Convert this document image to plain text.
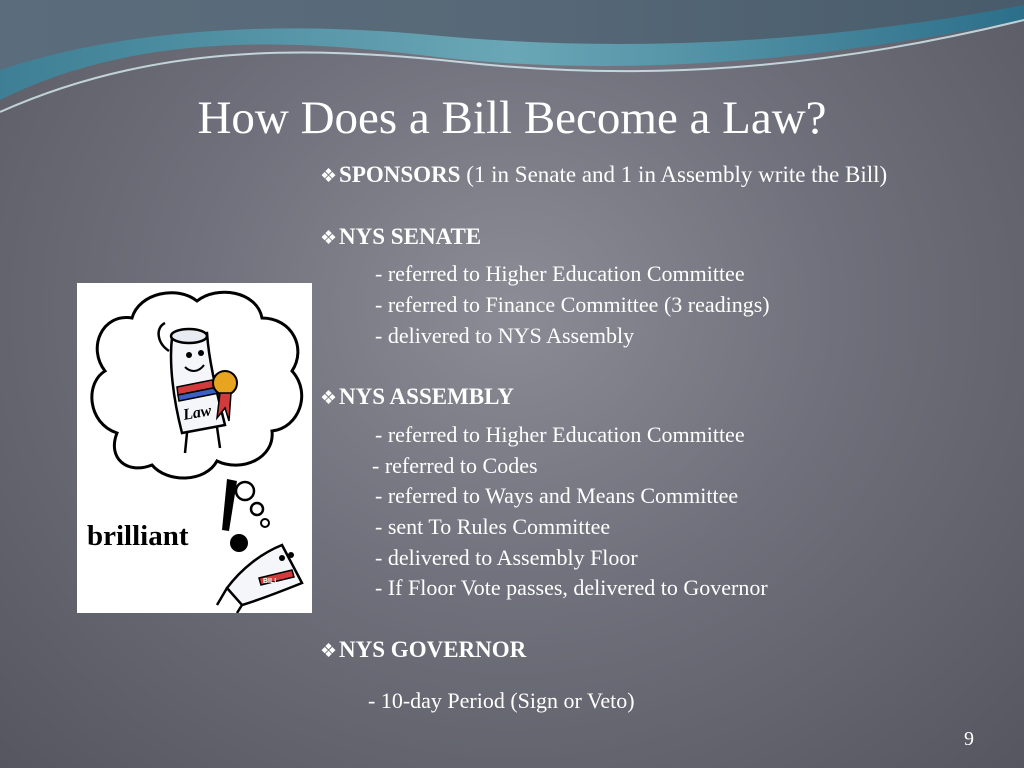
How Does a Bill Become a Law?
❖SPONSORS (1 in Senate and 1 in Assembly write the Bill)
❖NYS SENATE
- referred to Higher Education Committee
- referred to Finance Committee (3 readings)
- delivered to NYS Assembly
❖NYS ASSEMBLY
- referred to Higher Education Committee
- referred to Codes
- referred to Ways and Means Committee
- sent To Rules Committee
- delivered to Assembly Floor
- If Floor Vote passes, delivered to Governor
❖NYS GOVERNOR
- 10-day Period (Sign or Veto)
Law
brilliant
BILL
9
